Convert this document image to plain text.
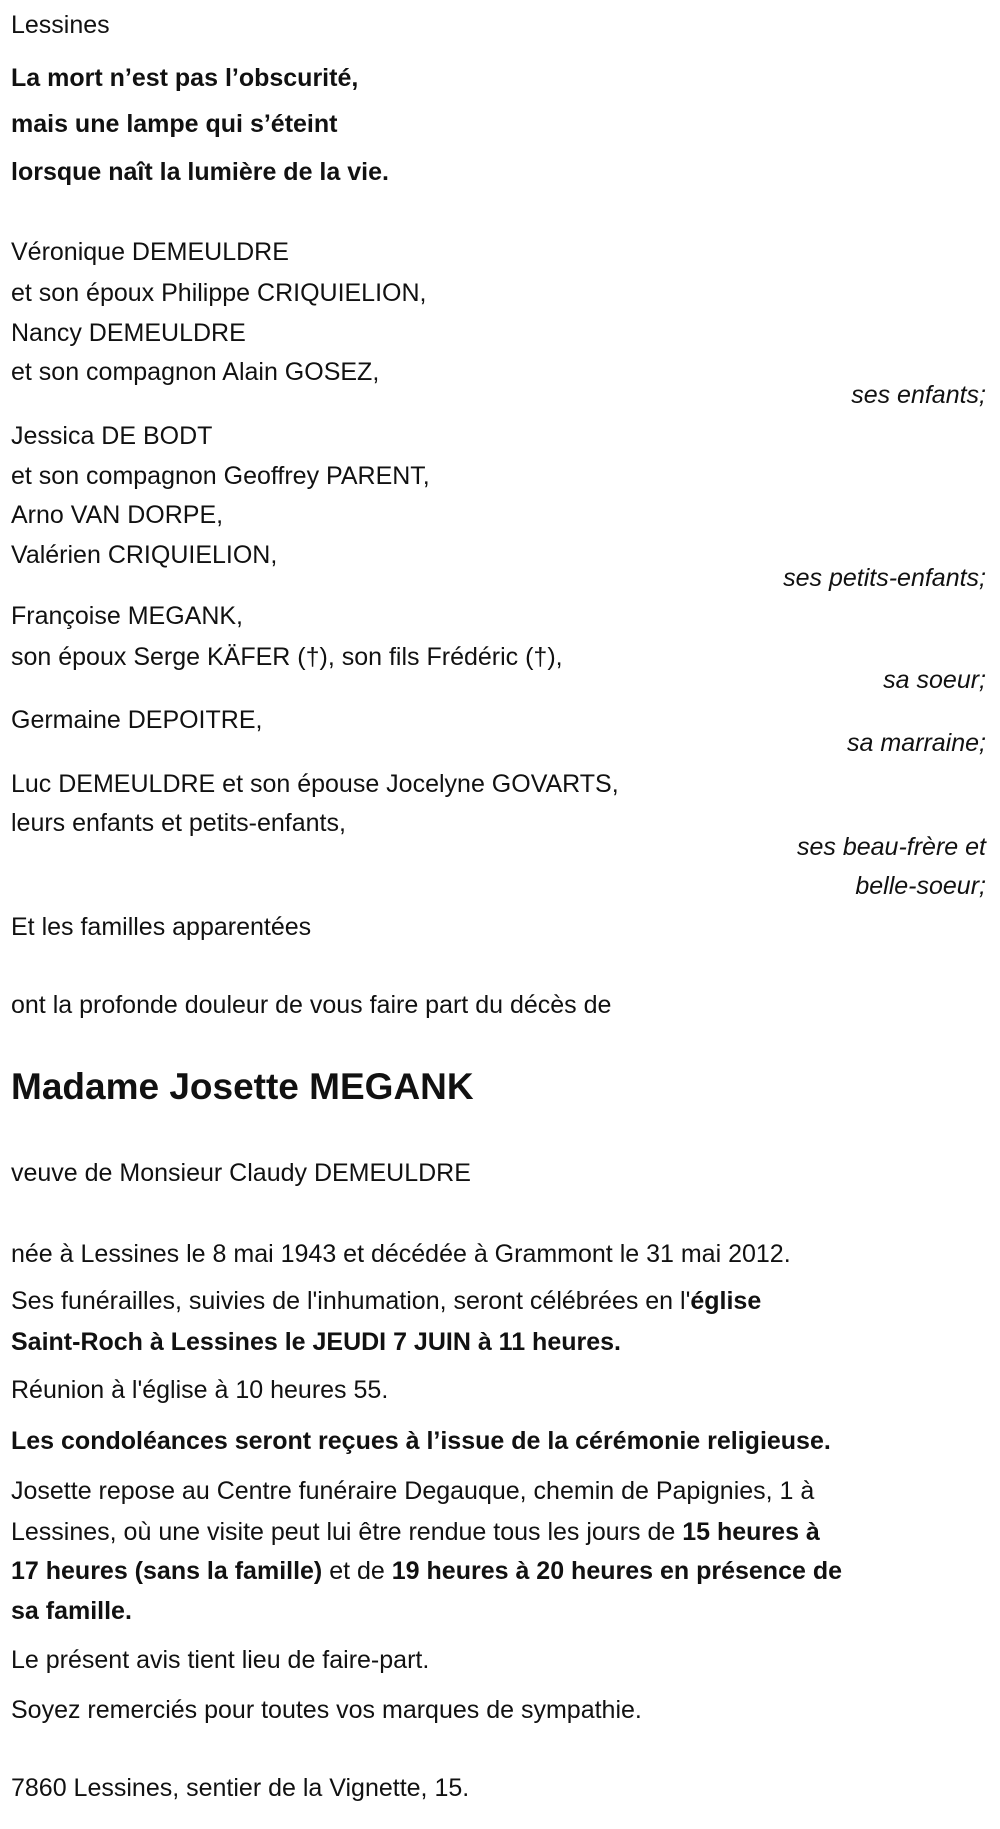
Lessines
La mort n’est pas l’obscurité,
mais une lampe qui s’éteint
lorsque naît la lumière de la vie.
Véronique DEMEULDRE
et son époux Philippe CRIQUIELION,
Nancy DEMEULDRE
et son compagnon Alain GOSEZ,
ses enfants;
Jessica DE BODT
et son compagnon Geoffrey PARENT,
Arno VAN DORPE,
Valérien CRIQUIELION,
ses petits-enfants;
Françoise MEGANK,
son époux Serge KÄFER (†), son fils Frédéric (†),
sa soeur;
Germaine DEPOITRE,
sa marraine;
Luc DEMEULDRE et son épouse Jocelyne GOVARTS,
leurs enfants et petits-enfants,
ses beau-frère et
belle-soeur;
Et les familles apparentées
ont la profonde douleur de vous faire part du décès de
Madame Josette MEGANK
veuve de Monsieur Claudy DEMEULDRE
née à Lessines le 8 mai 1943 et décédée à Grammont le 31 mai 2012.
Ses funérailles, suivies de l'inhumation, seront célébrées en l'église
Saint-Roch à Lessines le JEUDI 7 JUIN à 11 heures.
Réunion à l'église à 10 heures 55.
Les condoléances seront reçues à l’issue de la cérémonie religieuse.
Josette repose au Centre funéraire Degauque, chemin de Papignies, 1 à
Lessines, où une visite peut lui être rendue tous les jours de 15 heures à
17 heures (sans la famille) et de 19 heures à 20 heures en présence de
sa famille.
Le présent avis tient lieu de faire-part.
Soyez remerciés pour toutes vos marques de sympathie.
7860 Lessines, sentier de la Vignette, 15.
